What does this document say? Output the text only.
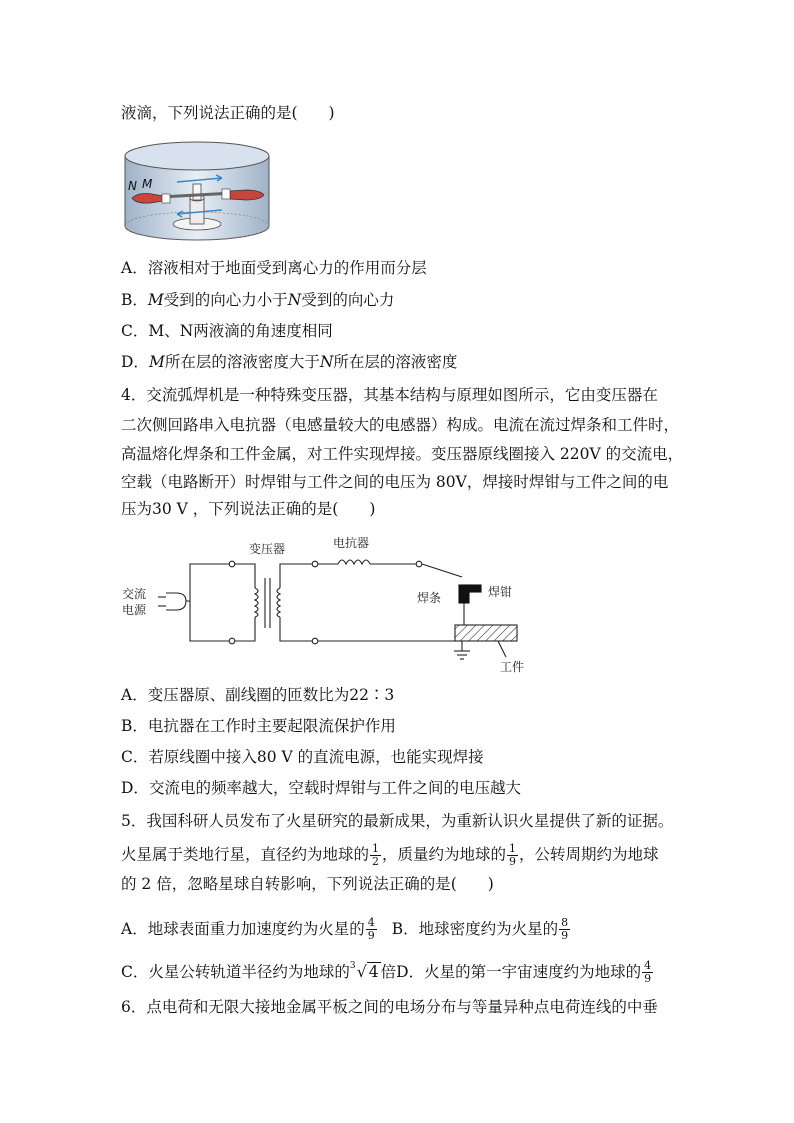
液滴，下列说法正确的是(　　)
N M
A．溶液相对于地面受到离心力的作用而分层
B．M受到的向心力小于N受到的向心力
C．M、N两液滴的角速度相同
D．M所在层的溶液密度大于N所在层的溶液密度
4．交流弧焊机是一种特殊变压器，其基本结构与原理如图所示，它由变压器在
二次侧回路串入电抗器（电感量较大的电感器）构成。电流在流过焊条和工件时，
高温熔化焊条和工件金属，对工件实现焊接。变压器原线圈接入 220V 的交流电，
空载（电路断开）时焊钳与工件之间的电压为 80V，焊接时焊钳与工件之间的电
压为30 V ，下列说法正确的是(　　)
变压器	电抗器
交流
电源
焊条	焊钳
工件
A．变压器原、副线圈的匝数比为22∶3
B．电抗器在工作时主要起限流保护作用
C．若原线圈中接入80 V 的直流电源，也能实现焊接
D．交流电的频率越大，空载时焊钳与工件之间的电压越大
5．我国科研人员发布了火星研究的最新成果，为重新认识火星提供了新的证据。
火星属于类地行星，直径约为地球的 $\frac{1}{2}$ ，质量约为地球的 $\frac{1}{9}$ ，公转周期约为地球
的 2 倍，忽略星球自转影响，下列说法正确的是(　　)
A．地球表面重力加速度约为火星的 $\frac{4}{9}$ B．地球密度约为火星的 $\frac{8}{9}$
C．火星公转轨道半径约为地球的 3 √ 4 倍D．火星的第一宇宙速度约为地球的 $\frac{4}{9}$
6．点电荷和无限大接地金属平板之间的电场分布与等量异种点电荷连线的中垂
